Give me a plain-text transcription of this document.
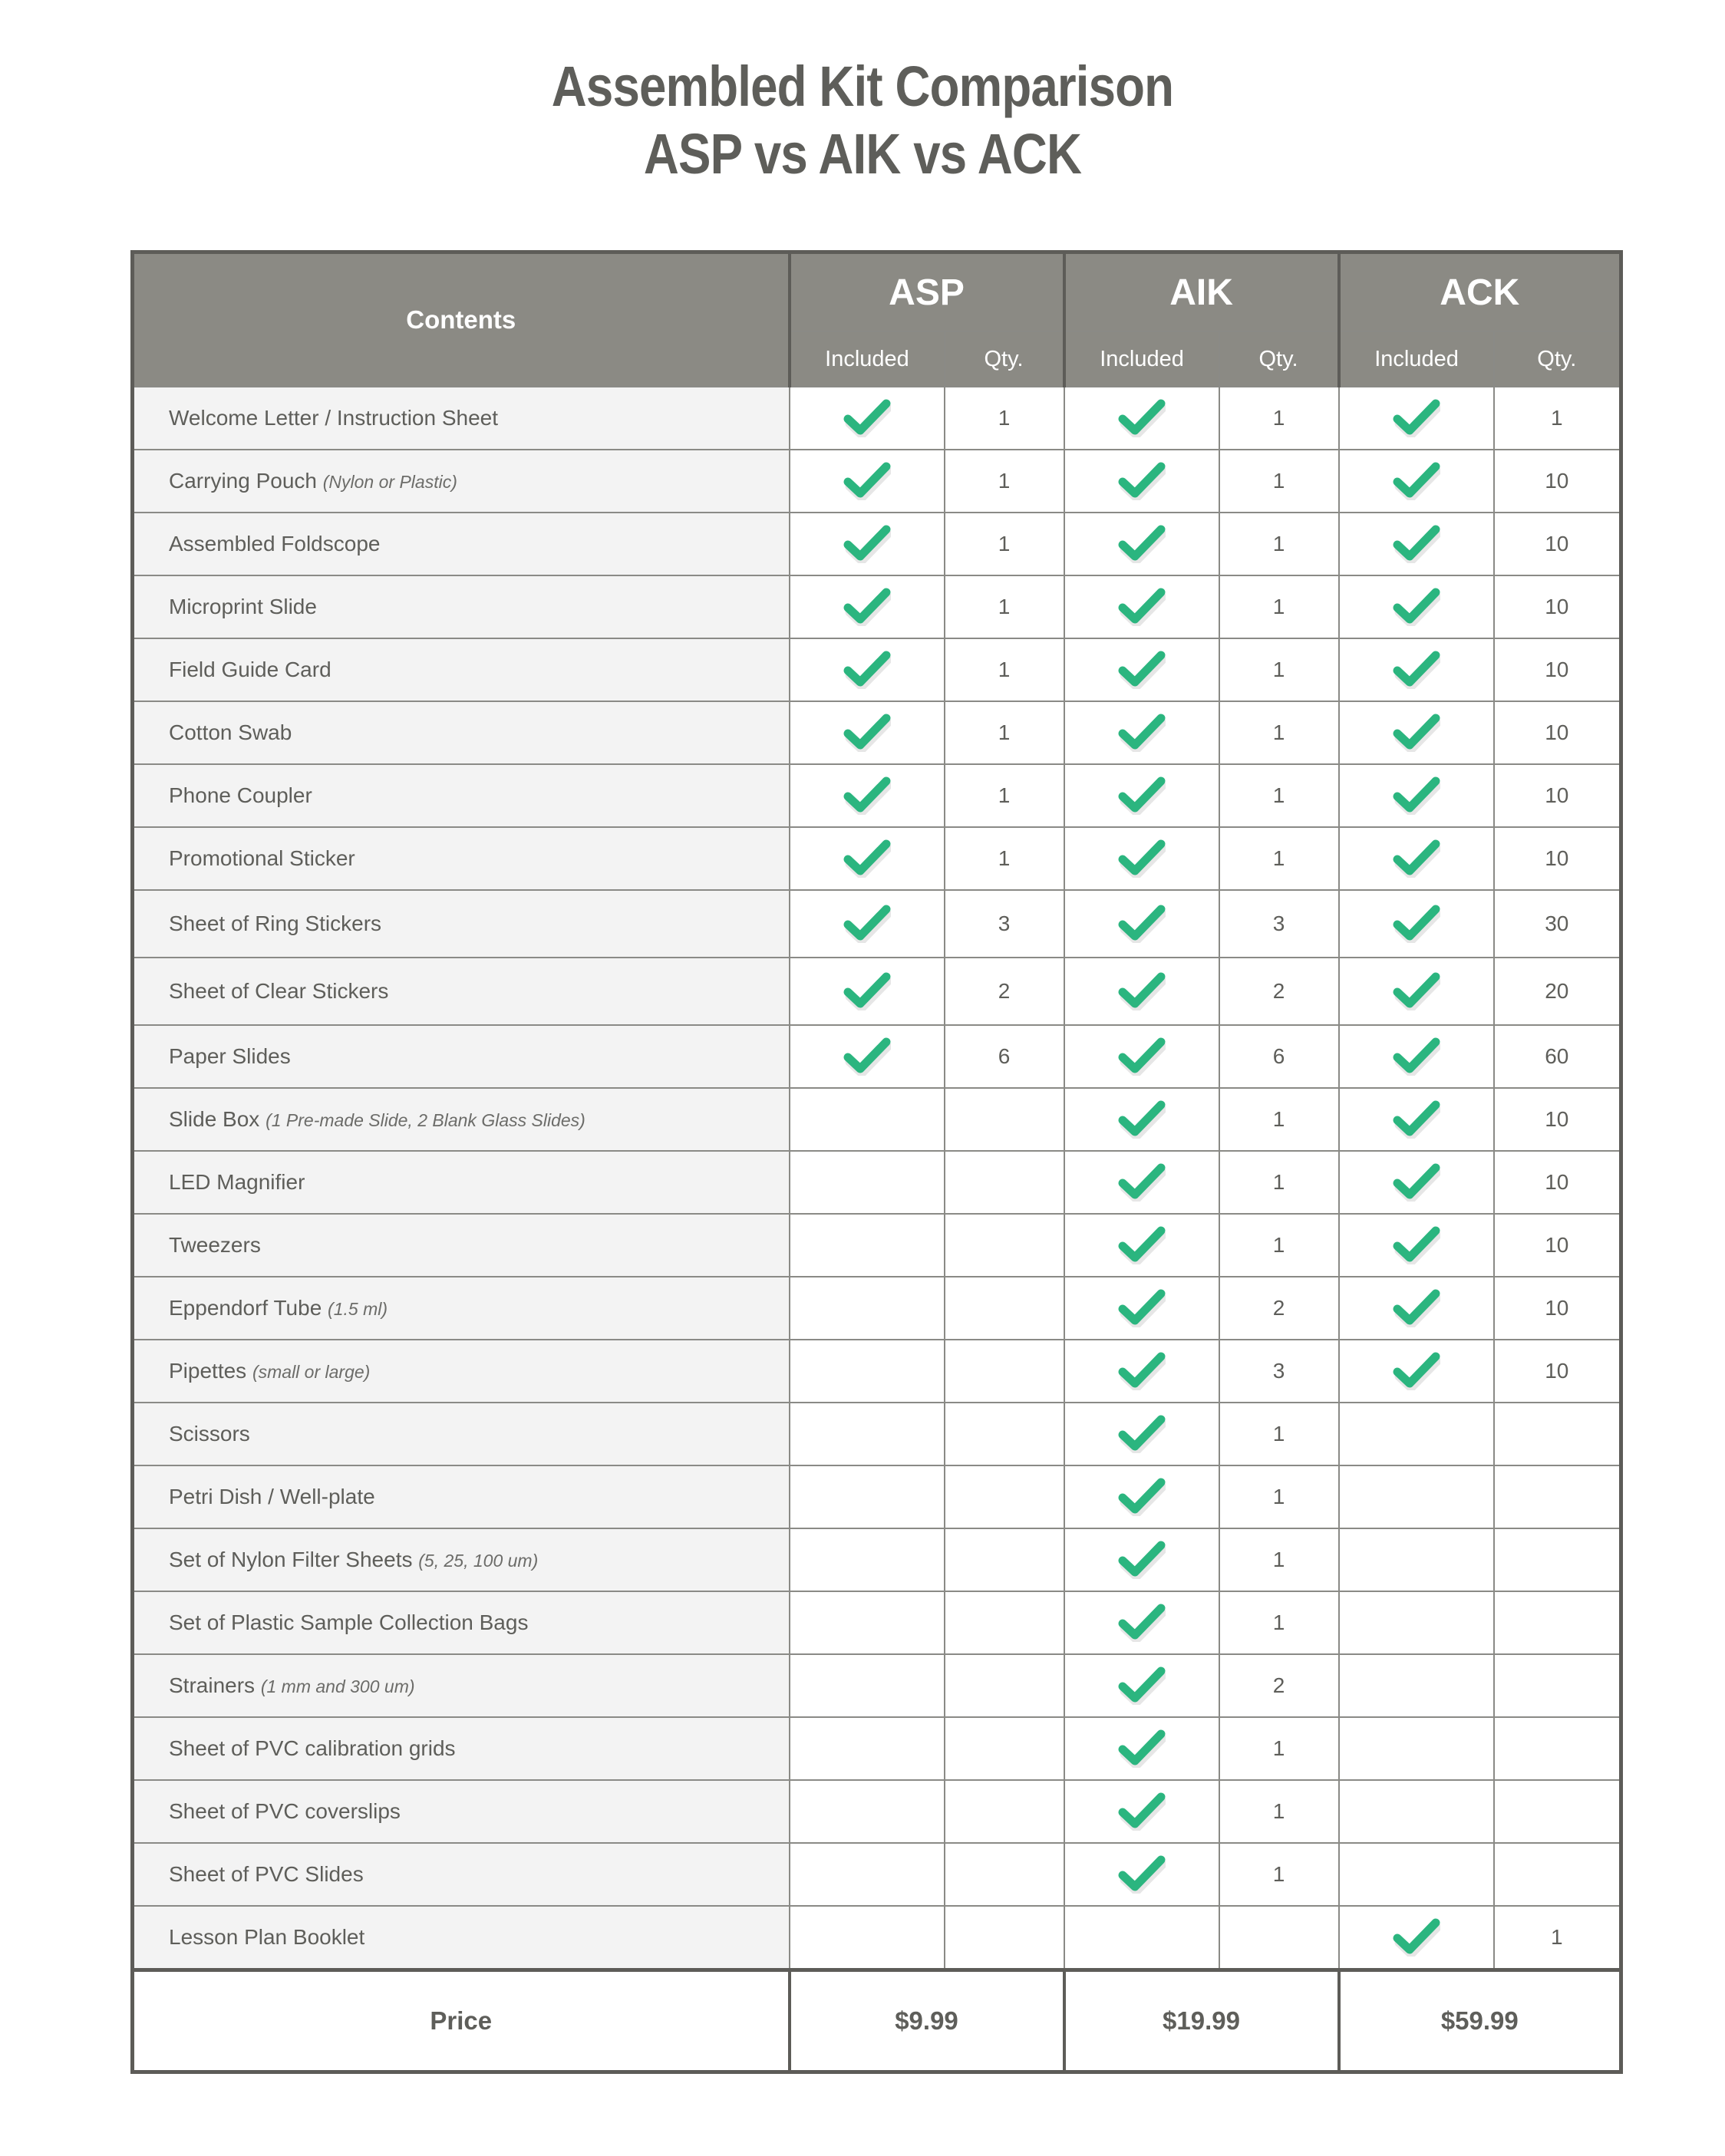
Assembled Kit Comparison
ASP vs AIK vs ACK
Contents	ASP		AIK		ACK	
	Included	Qty.	Included	Qty.	Included	Qty.
Welcome Letter / Instruction Sheet		1		1		1
Carrying Pouch (Nylon or Plastic)		1		1		10
Assembled Foldscope		1		1		10
Microprint Slide		1		1		10
Field Guide Card		1		1		10
Cotton Swab		1		1		10
Phone Coupler		1		1		10
Promotional Sticker		1		1		10
Sheet of Ring Stickers		3		3		30
Sheet of Clear Stickers		2		2		20
Paper Slides		6		6		60
Slide Box (1 Pre-made Slide, 2 Blank Glass Slides)				1		10
LED Magnifier				1		10
Tweezers				1		10
Eppendorf Tube (1.5 ml)				2		10
Pipettes (small or large)				3		10
Scissors				1		
Petri Dish / Well-plate				1		
Set of Nylon Filter Sheets (5, 25, 100 um)				1		
Set of Plastic Sample Collection Bags				1		
Strainers (1 mm and 300 um)				2		
Sheet of PVC calibration grids				1		
Sheet of PVC coverslips				1		
Sheet of PVC Slides				1		
Lesson Plan Booklet						1
Price	$9.99		$19.99		$59.99	
